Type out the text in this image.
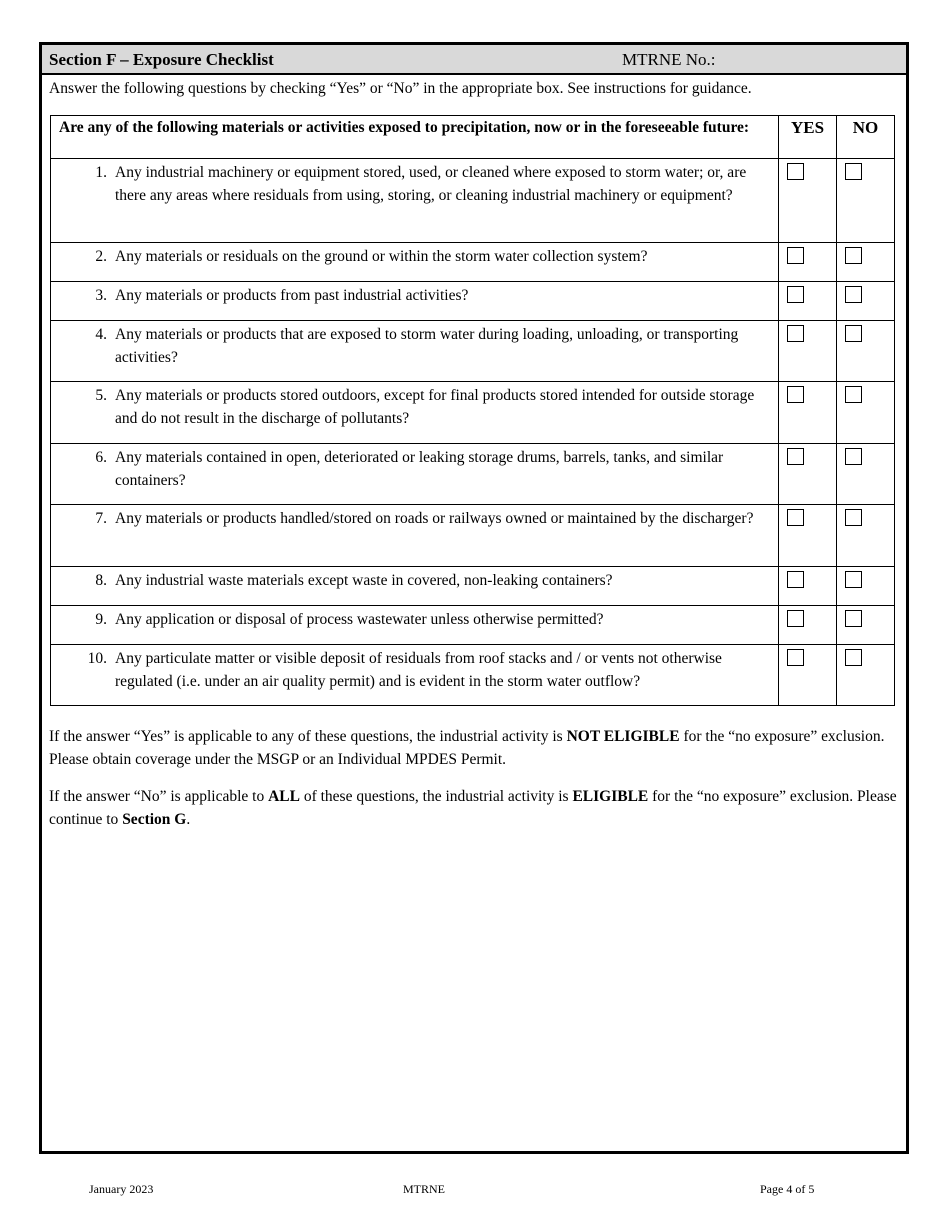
Section F – Exposure Checklist	MTRNE No.:
Answer the following questions by checking “Yes” or “No” in the appropriate box. See instructions for guidance.
Are any of the following materials or activities exposed to precipitation, now or in the foreseeable future:	YES	NO

1. Any industrial machinery or equipment stored, used, or cleaned where exposed to storm water; or, are there any areas where residuals from using, storing, or cleaning industrial machinery or equipment?		

2. Any materials or residuals on the ground or within the storm water collection system?		

3. Any materials or products from past industrial activities?		

4. Any materials or products that are exposed to storm water during loading, unloading, or transporting activities?		

5. Any materials or products stored outdoors, except for final products stored intended for outside storage and do not result in the discharge of pollutants?		

6. Any materials contained in open, deteriorated or leaking storage drums, barrels, tanks, and similar containers?		

7. Any materials or products handled/stored on roads or railways owned or maintained by the discharger?		

8. Any industrial waste materials except waste in covered, non-leaking containers?		

9. Any application or disposal of process wastewater unless otherwise permitted?		

10. Any particulate matter or visible deposit of residuals from roof stacks and / or vents not otherwise regulated (i.e. under an air quality permit) and is evident in the storm water outflow?		

If the answer “Yes” is applicable to any of these questions, the industrial activity is NOT ELIGIBLE for the “no exposure” exclusion. Please obtain coverage under the MSGP or an Individual MPDES Permit.
If the answer “No” is applicable to ALL of these questions, the industrial activity is ELIGIBLE for the “no exposure” exclusion. Please continue to Section G.
January 2023	MTRNE	Page 4 of 5
